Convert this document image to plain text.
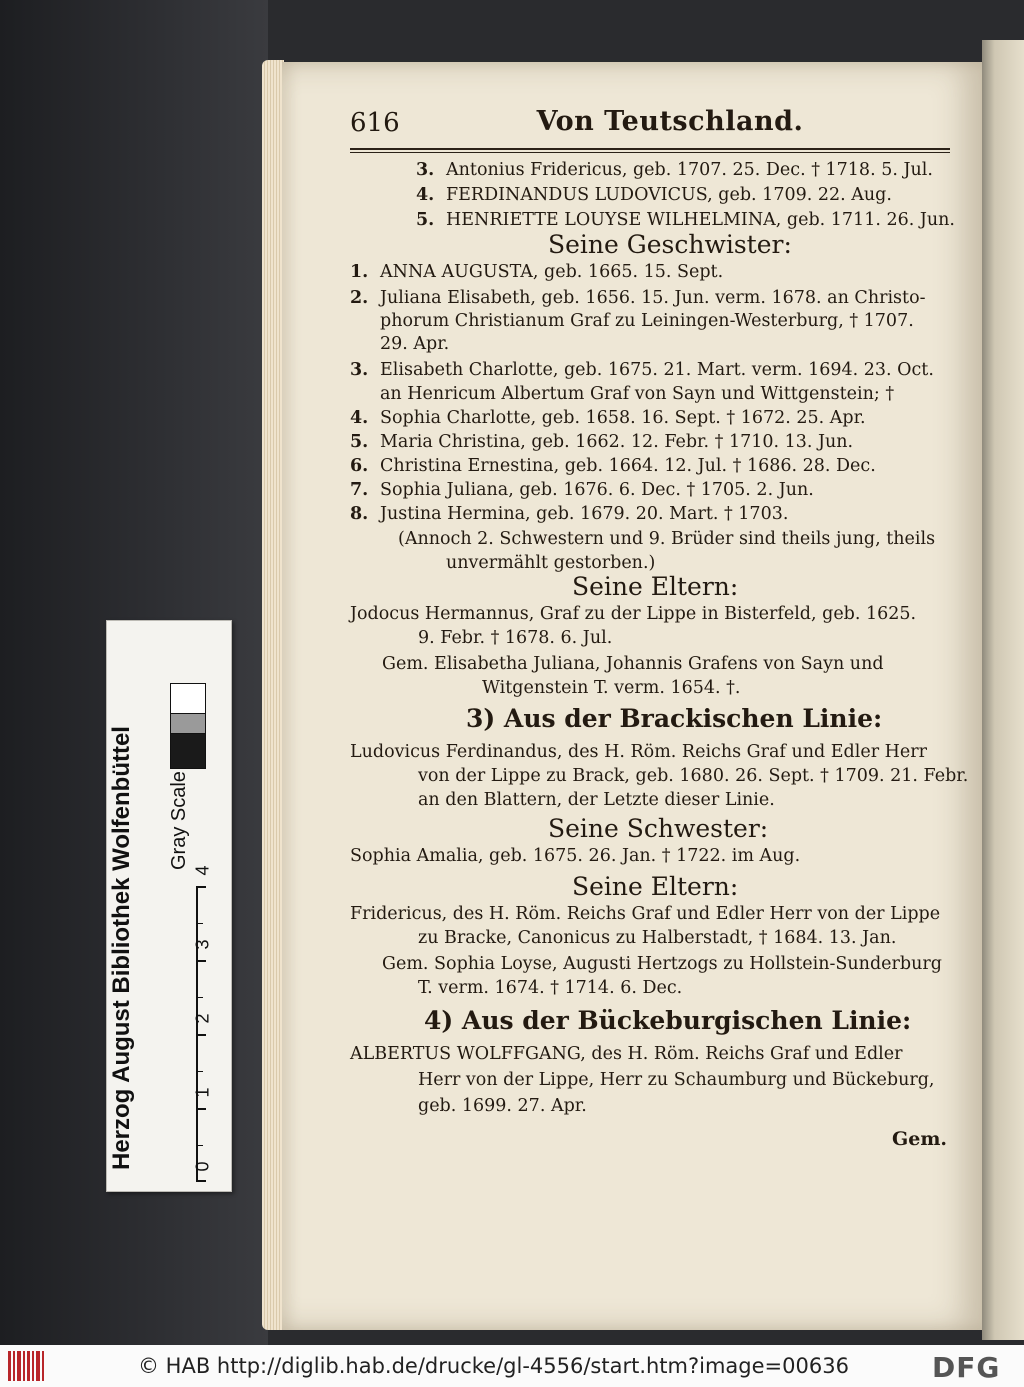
616	Von Teutschland.
3. Antonius Fridericus, geb. 1707. 25. Dec. † 1718. 5. Jul.
4. FERDINANDUS LUDOVICUS, geb. 1709. 22. Aug.
5. HENRIETTE LOUYSE WILHELMINA, geb. 1711. 26. Jun.
Seine Geschwister:
1. ANNA AUGUSTA, geb. 1665. 15. Sept.
2. Juliana Elisabeth, geb. 1656. 15. Jun. verm. 1678. an Christo-
phorum Christianum Graf zu Leiningen-Westerburg, † 1707.
29. Apr.
3. Elisabeth Charlotte, geb. 1675. 21. Mart. verm. 1694. 23. Oct.
an Henricum Albertum Graf von Sayn und Wittgenstein; †
4. Sophia Charlotte, geb. 1658. 16. Sept. † 1672. 25. Apr.
5. Maria Christina, geb. 1662. 12. Febr. † 1710. 13. Jun.
6. Christina Ernestina, geb. 1664. 12. Jul. † 1686. 28. Dec.
7. Sophia Juliana, geb. 1676. 6. Dec. † 1705. 2. Jun.
8. Justina Hermina, geb. 1679. 20. Mart. † 1703.
(Annoch 2. Schwestern und 9. Brüder sind theils jung, theils
unvermählt gestorben.)
Seine Eltern:
Jodocus Hermannus, Graf zu der Lippe in Bisterfeld, geb. 1625.
9. Febr. † 1678. 6. Jul.
Gem. Elisabetha Juliana, Johannis Grafens von Sayn und
Witgenstein T. verm. 1654. †.
3) Aus der Brackischen Linie:
Ludovicus Ferdinandus, des H. Röm. Reichs Graf und Edler Herr
von der Lippe zu Brack, geb. 1680. 26. Sept. † 1709. 21. Febr.
an den Blattern, der Letzte dieser Linie.
Seine Schwester:
Sophia Amalia, geb. 1675. 26. Jan. † 1722. im Aug.
Seine Eltern:
Fridericus, des H. Röm. Reichs Graf und Edler Herr von der Lippe
zu Bracke, Canonicus zu Halberstadt, † 1684. 13. Jan.
Gem. Sophia Loyse, Augusti Hertzogs zu Hollstein-Sunderburg
T. verm. 1674. † 1714. 6. Dec.
4) Aus der Bückeburgischen Linie:
ALBERTUS WOLFFGANG, des H. Röm. Reichs Graf und Edler
Herr von der Lippe, Herr zu Schaumburg und Bückeburg,
geb. 1699. 27. Apr.
Gem.
Herzog August Bibliothek Wolfenbüttel Gray Scale
0
1
2
3
4
© HAB http://diglib.hab.de/drucke/gl-4556/start.htm?image=00636	DFG
